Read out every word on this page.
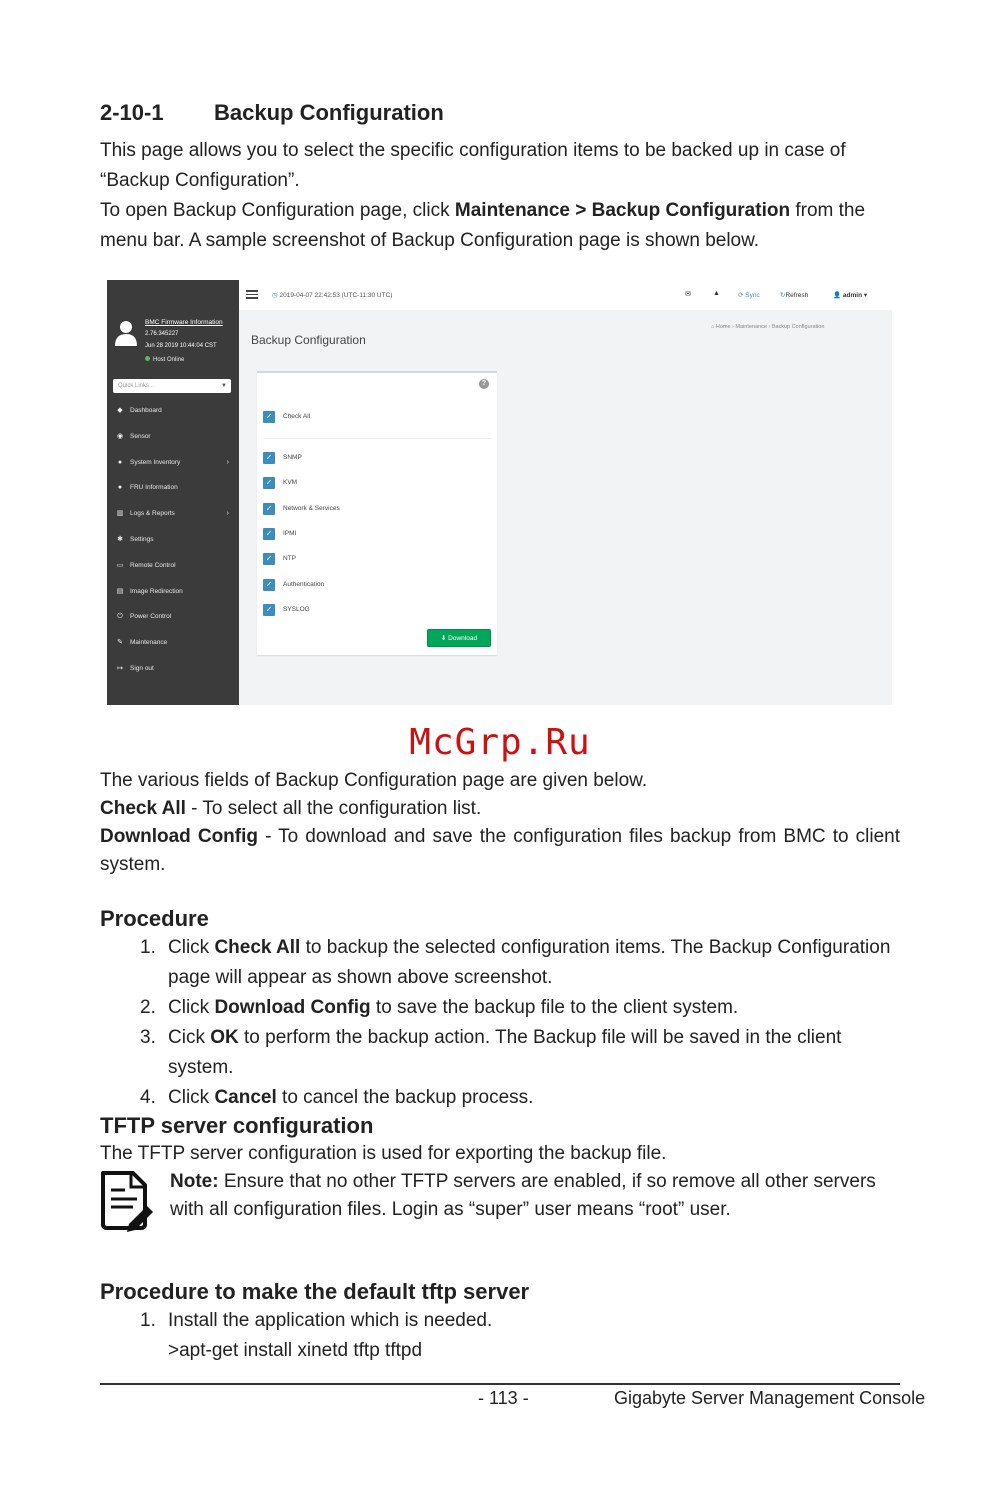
2-10-1 Backup Configuration
This page allows you to select the specific configuration items to be backed up in case of “Backup Configuration”.
To open Backup Configuration page, click Maintenance > Backup Configuration from the menu bar. A sample screenshot of Backup Configuration page is shown below.
BMC Firmware Information
2.76.345227
Jun 28 2019 10:44:04 CST
Host Online
Quick Links...	▼
◆ Dashboard
◉ Sensor
● System Inventory	›
● FRU Information
▥ Logs & Reports	›
✱ Settings
▭ Remote Control
▤ Image Redirection
⏻ Power Control
✎ Maintenance
↦ Sign out
◷ 2019-04-07 22:42:53 (UTC-11:30 UTC)	✉	▲	⟳ Sync	↻Refresh	👤 admin ▾
⌂ Home › Maintenance › Backup Configuration
Backup Configuration
?
✓	Check All
✓	SNMP
✓	KVM
✓	Network & Services
✓	IPMI
✓	NTP
✓	Authentication
✓	SYSLOG
⬇ Download
McGrp.Ru
The various fields of Backup Configuration page are given below.
Check All - To select all the configuration list.

Download Config - To download and save the configuration files backup from BMC to client system.
Procedure
1. Click Check All to backup the selected configuration items. The Backup Configuration page will appear as shown above screenshot.
2. Click Download Config to save the backup file to the client system.
3. Cick OK to perform the backup action. The Backup file will be saved in the client system.
4. Click Cancel to cancel the backup process.
TFTP server configuration
The TFTP server configuration is used for exporting the backup file.
Note: Ensure that no other TFTP servers are enabled, if so remove all other servers with all configuration files. Login as “super” user means “root” user.
Procedure to make the default tftp server
1. Install the application which is needed.
>apt-get install xinetd tftp tftpd
- 113 -	Gigabyte Server Management Console
